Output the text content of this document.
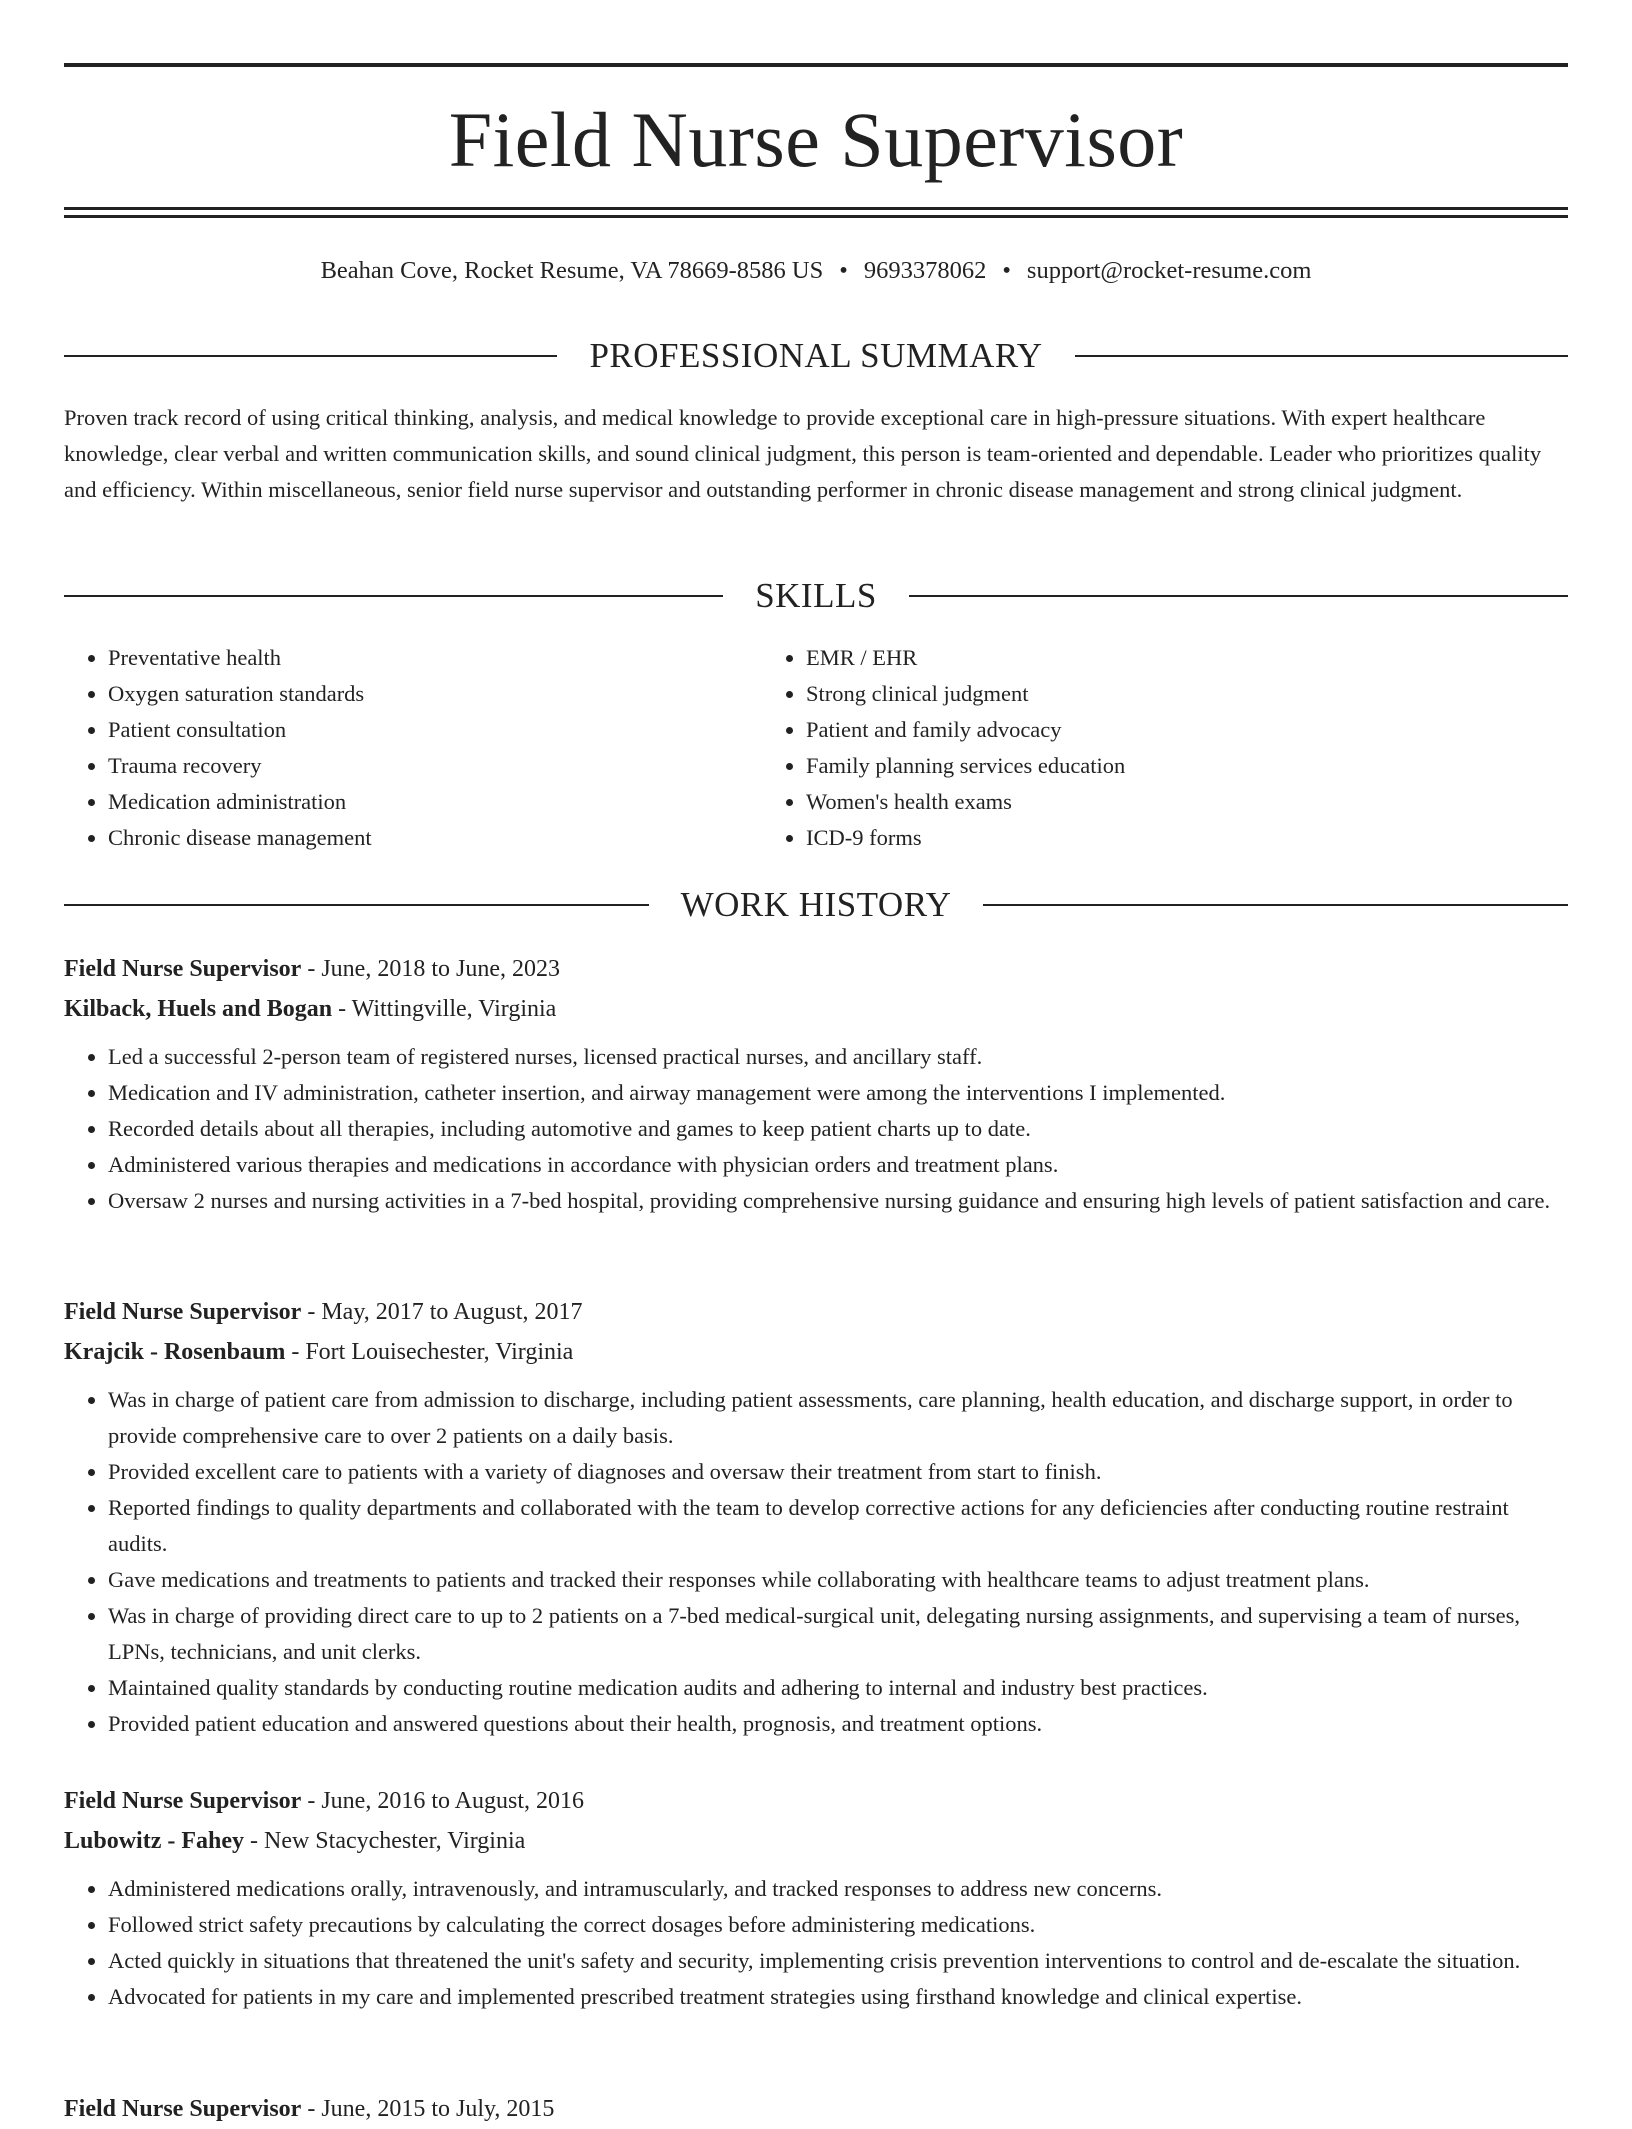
Field Nurse Supervisor
Beahan Cove, Rocket Resume, VA 78669-8586 US • 9693378062 • support@rocket-resume.com
PROFESSIONAL SUMMARY
Proven track record of using critical thinking, analysis, and medical knowledge to provide exceptional care in high-pressure situations. With expert healthcare knowledge, clear verbal and written communication skills, and sound clinical judgment, this person is team-oriented and dependable. Leader who prioritizes quality and efficiency. Within miscellaneous, senior field nurse supervisor and outstanding performer in chronic disease management and strong clinical judgment.
SKILLS
• Preventative health
• Oxygen saturation standards
• Patient consultation
• Trauma recovery
• Medication administration
• Chronic disease management
• EMR / EHR
• Strong clinical judgment
• Patient and family advocacy
• Family planning services education
• Women's health exams
• ICD-9 forms
WORK HISTORY
Field Nurse Supervisor - June, 2018 to June, 2023
Kilback, Huels and Bogan - Wittingville, Virginia
• Led a successful 2-person team of registered nurses, licensed practical nurses, and ancillary staff.
• Medication and IV administration, catheter insertion, and airway management were among the interventions I implemented.
• Recorded details about all therapies, including automotive and games to keep patient charts up to date.
• Administered various therapies and medications in accordance with physician orders and treatment plans.
• Oversaw 2 nurses and nursing activities in a 7-bed hospital, providing comprehensive nursing guidance and ensuring high levels of patient satisfaction and care.
Field Nurse Supervisor - May, 2017 to August, 2017
Krajcik - Rosenbaum - Fort Louisechester, Virginia
• Was in charge of patient care from admission to discharge, including patient assessments, care planning, health education, and discharge support, in order to provide comprehensive care to over 2 patients on a daily basis.
• Provided excellent care to patients with a variety of diagnoses and oversaw their treatment from start to finish.
• Reported findings to quality departments and collaborated with the team to develop corrective actions for any deficiencies after conducting routine restraint audits.
• Gave medications and treatments to patients and tracked their responses while collaborating with healthcare teams to adjust treatment plans.
• Was in charge of providing direct care to up to 2 patients on a 7-bed medical-surgical unit, delegating nursing assignments, and supervising a team of nurses, LPNs, technicians, and unit clerks.
• Maintained quality standards by conducting routine medication audits and adhering to internal and industry best practices.
• Provided patient education and answered questions about their health, prognosis, and treatment options.
Field Nurse Supervisor - June, 2016 to August, 2016
Lubowitz - Fahey - New Stacychester, Virginia
• Administered medications orally, intravenously, and intramuscularly, and tracked responses to address new concerns.
• Followed strict safety precautions by calculating the correct dosages before administering medications.
• Acted quickly in situations that threatened the unit's safety and security, implementing crisis prevention interventions to control and de-escalate the situation.
• Advocated for patients in my care and implemented prescribed treatment strategies using firsthand knowledge and clinical expertise.
Field Nurse Supervisor - June, 2015 to July, 2015
